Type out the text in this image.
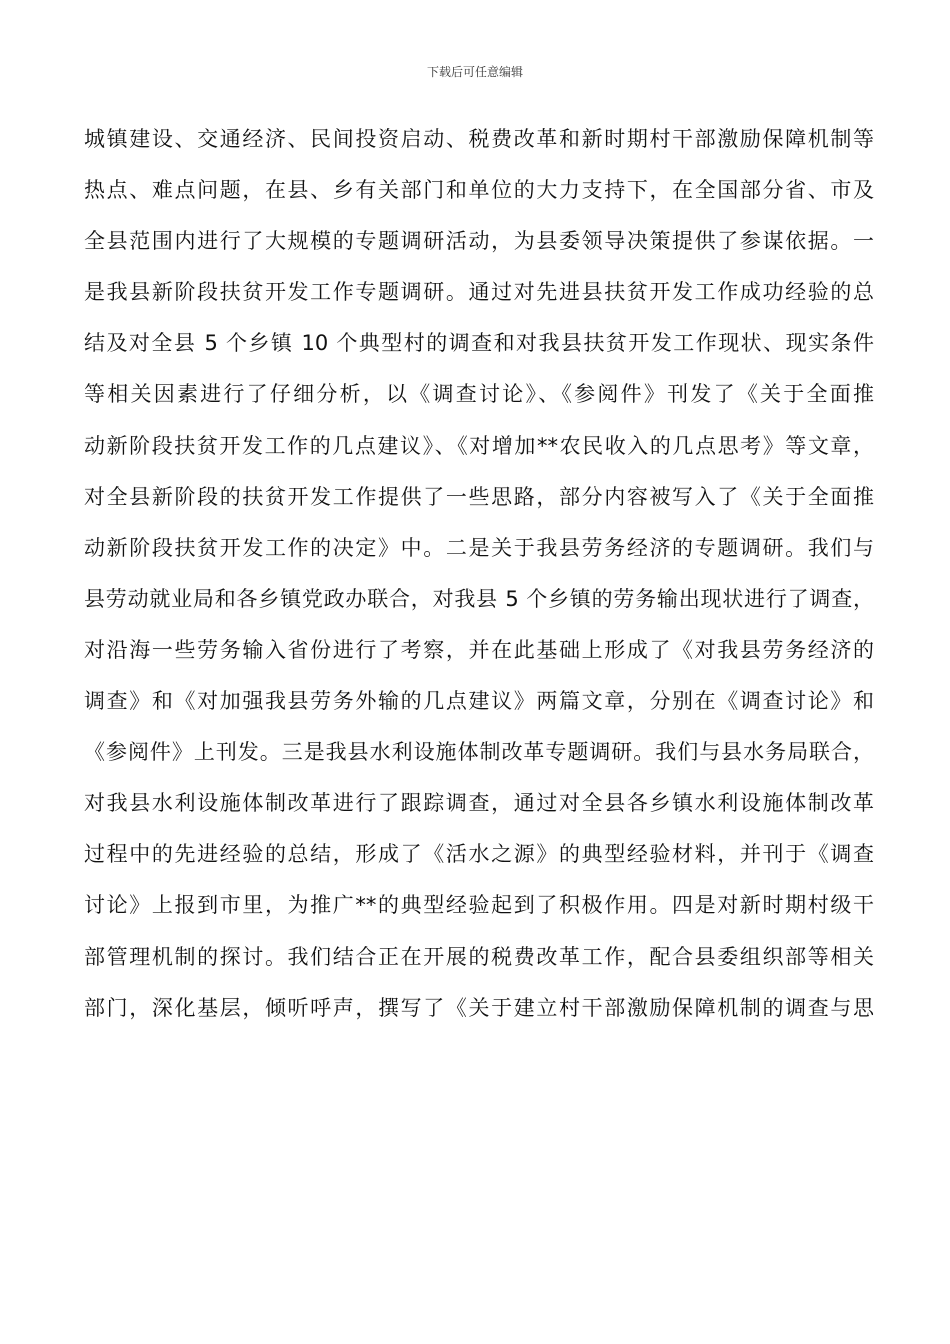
下载后可任意编辑
城镇建设、交通经济、民间投资启动、税费改革和新时期村干部激励保障机制等
热点、难点问题，在县、乡有关部门和单位的大力支持下，在全国部分省、市及
全县范围内进行了大规模的专题调研活动，为县委领导决策提供了参谋依据。一
是我县新阶段扶贫开发工作专题调研。通过对先进县扶贫开发工作成功经验的总
结及对全县 5 个乡镇 10 个典型村的调查和对我县扶贫开发工作现状、现实条件
等相关因素进行了仔细分析，以《调查讨论》、《参阅件》刊发了《关于全面推
动新阶段扶贫开发工作的几点建议》、《对增加**农民收入的几点思考》等文章，
对全县新阶段的扶贫开发工作提供了一些思路，部分内容被写入了《关于全面推
动新阶段扶贫开发工作的决定》中。二是关于我县劳务经济的专题调研。我们与
县劳动就业局和各乡镇党政办联合，对我县 5 个乡镇的劳务输出现状进行了调查，
对沿海一些劳务输入省份进行了考察，并在此基础上形成了《对我县劳务经济的
调查》和《对加强我县劳务外输的几点建议》两篇文章，分别在《调查讨论》和
《参阅件》上刊发。三是我县水利设施体制改革专题调研。我们与县水务局联合，
对我县水利设施体制改革进行了跟踪调查，通过对全县各乡镇水利设施体制改革
过程中的先进经验的总结，形成了《活水之源》的典型经验材料，并刊于《调查
讨论》上报到市里，为推广**的典型经验起到了积极作用。四是对新时期村级干
部管理机制的探讨。我们结合正在开展的税费改革工作，配合县委组织部等相关
部门，深化基层，倾听呼声，撰写了《关于建立村干部激励保障机制的调查与思
